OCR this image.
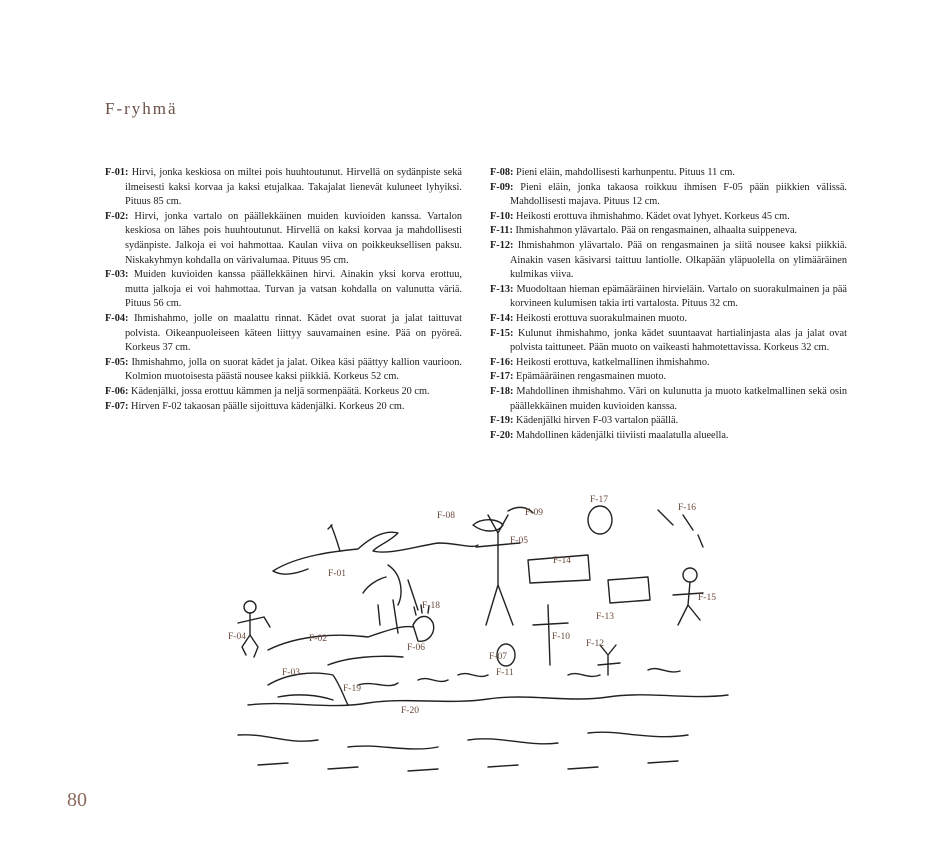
F-ryhmä

F-01: Hirvi, jonka keskiosa on miltei pois huuhtoutunut. Hirvellä on sydänpiste sekä ilmeisesti kaksi korvaa ja kaksi etujalkaa. Takajalat lienevät kuluneet lyhyiksi. Pituus 85 cm.

F-02: Hirvi, jonka vartalo on päällekkäinen muiden kuvioiden kanssa. Vartalon keskiosa on lähes pois huuhtoutunut. Hirvellä on kaksi korvaa ja mahdollisesti sydänpiste. Jalkoja ei voi hahmottaa. Kaulan viiva on poikkeuksellisen paksu. Niskakyhmyn kohdalla on värivalumaa. Pituus 95 cm.

F-03: Muiden kuvioiden kanssa päällekkäinen hirvi. Ainakin yksi korva erottuu, mutta jalkoja ei voi hahmottaa. Turvan ja vatsan kohdalla on valunutta väriä. Pituus 56 cm.

F-04: Ihmishahmo, jolle on maalattu rinnat. Kädet ovat suorat ja jalat taittuvat polvista. Oikeanpuoleiseen käteen liittyy sauvamainen esine. Pää on pyöreä. Korkeus 37 cm.

F-05: Ihmishahmo, jolla on suorat kädet ja jalat. Oikea käsi päättyy kallion vaurioon. Kolmion muotoisesta päästä nousee kaksi piikkiä. Korkeus 52 cm.

F-06: Kädenjälki, jossa erottuu kämmen ja neljä sormenpäätä. Korkeus 20 cm.

F-07: Hirven F-02 takaosan päälle sijoittuva kädenjälki. Korkeus 20 cm.

F-08: Pieni eläin, mahdollisesti karhunpentu. Pituus 11 cm.

F-09: Pieni eläin, jonka takaosa roikkuu ihmisen F-05 pään piikkien välissä. Mahdollisesti majava. Pituus 12 cm.

F-10: Heikosti erottuva ihmishahmo. Kädet ovat lyhyet. Korkeus 45 cm.

F-11: Ihmishahmon ylävartalo. Pää on rengasmainen, alhaalta suippeneva.

F-12: Ihmishahmon ylävartalo. Pää on rengasmainen ja siitä nousee kaksi piikkiä. Ainakin vasen käsivarsi taittuu lantiolle. Olkapään yläpuolella on ylimääräinen kulmikas viiva.

F-13: Muodoltaan hieman epämääräinen hirvieläin. Vartalo on suorakulmainen ja pää korvineen kulumisen takia irti vartalosta. Pituus 32 cm.

F-14: Heikosti erottuva suorakulmainen muoto.

F-15: Kulunut ihmishahmo, jonka kädet suuntaavat hartialinjasta alas ja jalat ovat polvista taittuneet. Pään muoto on vaikeasti hahmotettavissa. Korkeus 32 cm.

F-16: Heikosti erottuva, katkelmallinen ihmishahmo.

F-17: Epämääräinen rengasmainen muoto.

F-18: Mahdollinen ihmishahmo. Väri on kulunutta ja muoto katkelmallinen sekä osin päällekkäinen muiden kuvioiden kanssa.

F-19: Kädenjälki hirven F-03 vartalon päällä.

F-20: Mahdollinen kädenjälki tiiviisti maalatulla alueella.

F-01
F-02
F-03
F-04
F-05
F-06
F-07
F-08	F-09
F-10
F-11
F-12
F-13
F-14
F-15
F-16
F-17
F-18
F-19
F-20
80
